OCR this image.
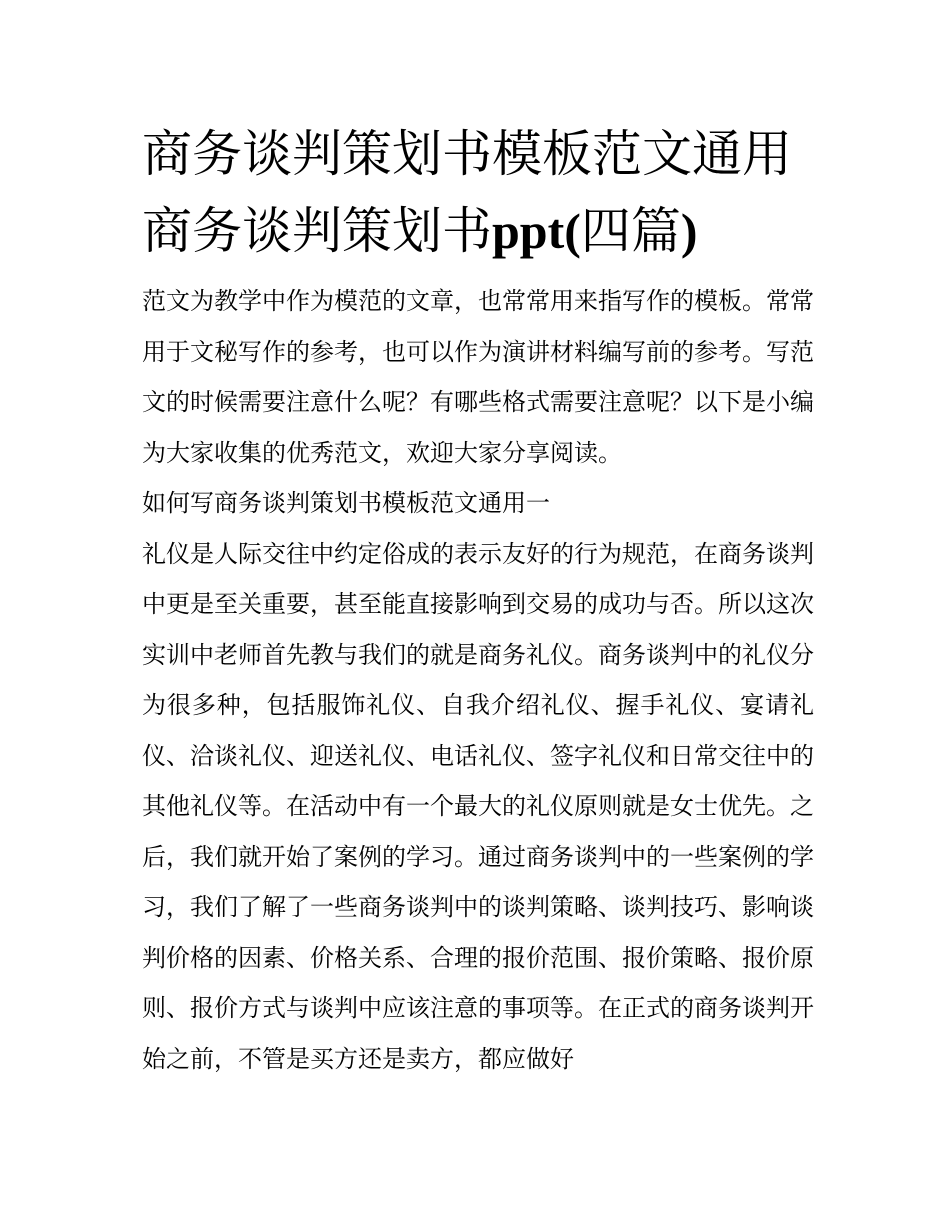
商务谈判策划书模板范文通用
商务谈判策划书ppt(四篇)

范文为教学中作为模范的文章，也常常用来指写作的模板。常常用于文秘写作的参考，也可以作为演讲材料编写前的参考。写范文的时候需要注意什么呢？有哪些格式需要注意呢？以下是小编为大家收集的优秀范文，欢迎大家分享阅读。

如何写商务谈判策划书模板范文通用一

礼仪是人际交往中约定俗成的表示友好的行为规范，在商务谈判中更是至关重要，甚至能直接影响到交易的成功与否。所以这次实训中老师首先教与我们的就是商务礼仪。商务谈判中的礼仪分为很多种，包括服饰礼仪、自我介绍礼仪、握手礼仪、宴请礼仪、洽谈礼仪、迎送礼仪、电话礼仪、签字礼仪和日常交往中的其他礼仪等。在活动中有一个最大的礼仪原则就是女士优先。之后，我们就开始了案例的学习。通过商务谈判中的一些案例的学习，我们了解了一些商务谈判中的谈判策略、谈判技巧、影响谈判价格的因素、价格关系、合理的报价范围、报价策略、报价原则、报价方式与谈判中应该注意的事项等。在正式的商务谈判开始之前，不管是买方还是卖方，都应做好
